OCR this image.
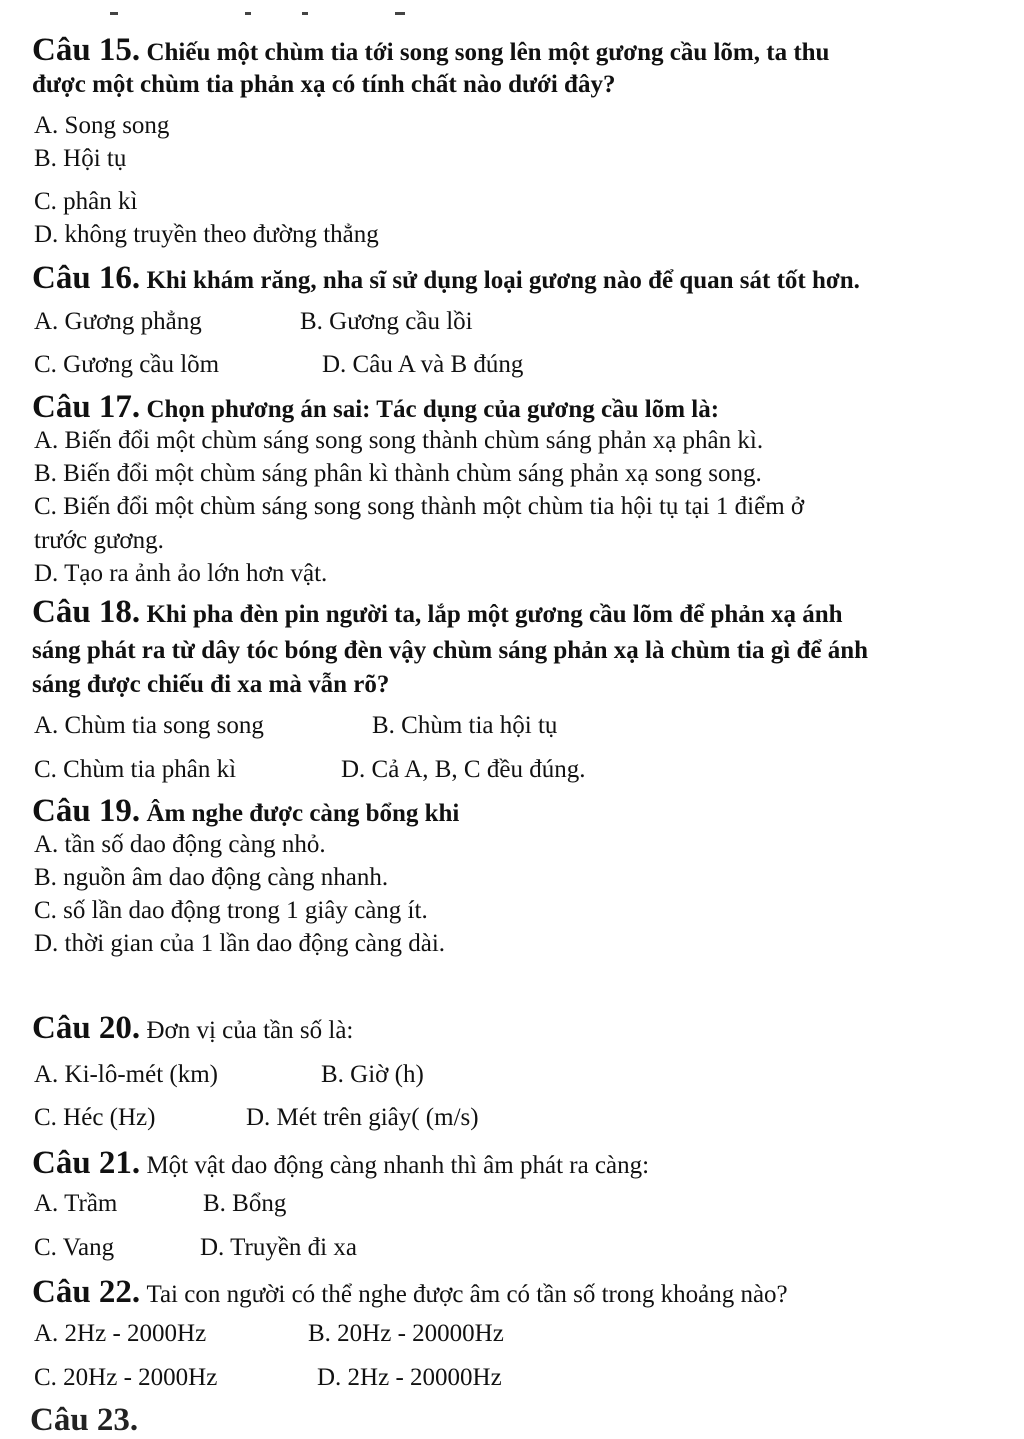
Câu 15. Chiếu một chùm tia tới song song lên một gương cầu lõm, ta thu
được một chùm tia phản xạ có tính chất nào dưới đây?
A. Song song
B. Hội tụ
C. phân kì
D. không truyền theo đường thẳng
Câu 16. Khi khám răng, nha sĩ sử dụng loại gương nào để quan sát tốt hơn.
A. Gương phẳng	B. Gương cầu lồi
C. Gương cầu lõm	D. Câu A và B đúng
Câu 17. Chọn phương án sai: Tác dụng của gương cầu lõm là:
A. Biến đổi một chùm sáng song song thành chùm sáng phản xạ phân kì.
B. Biến đổi một chùm sáng phân kì thành chùm sáng phản xạ song song.
C. Biến đổi một chùm sáng song song thành một chùm tia hội tụ tại 1 điểm ở
trước gương.
D. Tạo ra ảnh ảo lớn hơn vật.
Câu 18. Khi pha đèn pin người ta, lắp một gương cầu lõm để phản xạ ánh
sáng phát ra từ dây tóc bóng đèn vậy chùm sáng phản xạ là chùm tia gì để ánh
sáng được chiếu đi xa mà vẫn rõ?
A. Chùm tia song song	B. Chùm tia hội tụ
C. Chùm tia phân kì	D. Cả A, B, C đều đúng.
Câu 19. Âm nghe được càng bổng khi
A. tần số dao động càng nhỏ.
B. nguồn âm dao động càng nhanh.
C. số lần dao động trong 1 giây càng ít.
D. thời gian của 1 lần dao động càng dài.
Câu 20. Đơn vị của tần số là:
A. Ki-lô-mét (km)	B. Giờ (h)
C. Héc (Hz)	D. Mét trên giây( (m/s)
Câu 21. Một vật dao động càng nhanh thì âm phát ra càng:
A. Trầm	B. Bổng
C. Vang	D. Truyền đi xa
Câu 22. Tai con người có thể nghe được âm có tần số trong khoảng nào?
A. 2Hz - 2000Hz	B. 20Hz - 20000Hz
C. 20Hz - 2000Hz	D. 2Hz - 20000Hz
Câu 23.
